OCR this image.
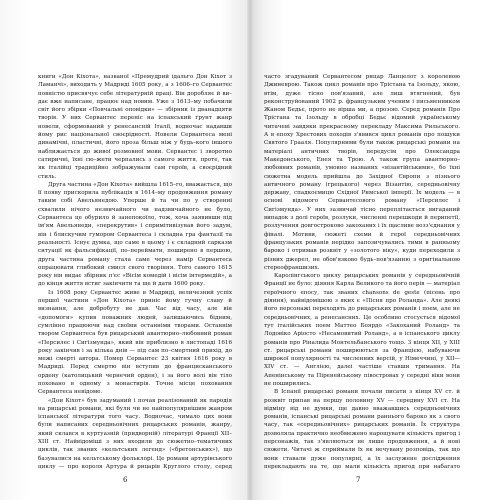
книги «Дон Кіхота», названої «Премудрий ідальго Дон Кіхот з Ламанчі», виходить у Мадриді 1605 року, а з 1606–го Сервантес повністю присвячує себе літературній праці. Він доробляє й ви–дає вже написане, працює над новим. Уже з 1613–му побачили світ його збірки «Повчальні оповідки» — збірник із дванадцяти творів. У них Сервантес переніс на іспанський ґрунт жанр новели, сформований у ренесансній Італії, водночас надавши йому рис національної своєрідності. Новели Сервантеса мені динамічні, пластичні, його проза більш ніж у будь–кого іншого наближається до живої розмовної мови. Сервантес і зворотно сатиричні, їхні сю–жети черпались з самого життя, проте, так як італійці традиційно зображували сам героїв, а своєрідний стиль.

Друга частина «Дон Кіхота» вийшла 1615–го, вважається, що її появу прискорила публікація в 1614–му продовження роману таким собі Авельянедою. Уперше й та чи по у створенні схвалили нічого незвичайного чи надзвичайного не було, Сервантеса це обурило й занепокоїло, тож, хоча заявивши під ім'ям Авельянеди, «перекрутив» і спримітивізував його задум, він і блискучим гумором Сервантеса і складна гра фантазії та реальності. Існує думка, що саме в цьому і є складний сарказм ситуації як фальсифікації, по–переймати, поширено в першою, друга частина роману стала саме через намір Сервантеса опрацювати глибокий смисл свого творіння. Того самого 1615 року він видає збірник п'єс «Вісім комедій і вісім інтермедій», а до кінця життя встиг закінчити та ще й дати 1600 року.

Із 1608 року Сервантес живе в Мадриді, величезний успіх першої частини «Дон Кіхота» приніс йому гучну славу й визнання, але добробуту не дав. Час від часу, але він «допомоги» купив поважних людей, залишаючись бідним, сумлінно працюючи над своїми останніми творами. Останнім твором Сервантеса був рицарський авантюрно–любовний роман «Персилес і Сигізмунда», який він приблизно в листопаді 1616 року закінчив і за кілька днів — під сам по–смертний прихід, до межі смерті автора. Помер Сервантес 23 квітня 1616 року в Мадриді. Перед смертю він вступив до францисканського ордену (католицький чернечий орден), і за його волі він тіло поховано в одному з монастирів. Точне місце поховання Сервантеса невідоме.

«Дон Кіхот» був задуманий і почав реалізований як пародія на рицарські романи, які були чи не найпопулярнішим жанром іспанської літератури того часу. Водночас, чимало цих вони були написаних середньовічних рицарських романів, жанру, який склався в куртуазній (придворній) літературі Франції XII–XIII ст. Найвідоміші з них входили до сюжетно–тематичних циклів, так званих «кельтських легенд» («бретонських»), що базувалися на кельтському фольклорі. Це романи артурівського циклу — про короля Артура й рицарів Круглого столу, серед

6

часто згадуваний Сервантесом рицар Ланцелот з королевою Джиневрою. Також цикл романів про Трістана та Ізольду, якою, втім, дуже тісно пов'язаний, але лиш втягнений, був реконструйований 1902 р. французьким ученим і письменником Жаном Бедьє, прото не вірша ми, а прозою. Серед романів Про Трістана та Ізольду в обробці Бедьє відомий українському читачеві завдяки прекрасному перекладу Максима Рильського. А в епоху Хрестових походів з'явився цикл романів про пошуки Святого Грааля. Популярними були також рицарські романи на матеріалі античних творів, передусім про Олександра Македонського, Енея та Трою. А також група авантюрно–любовних романів, умовно названих «візантійськими», бо їхні сюжетна модель прийшла до Західної Європи з пізнього античного роману (грецького) через Візантію, середньовічну державу, спадкоємицю Східної Римської імперії. Їх модель — в основі відомого Сервантесового роману «Персилес і Сигізмунда». У них зазвичай тісно переплітається вигаданий випадок з долі героїв, розлуки, численні перешкоди й перипетії, розлучення довгостроково закоханих і їх щасливе возз'єднання у фіналі. Мотиви, сюжеті схеми й герої середньовічних французьких романів нерідко запозичувались тими в ранньому бароко і отримав розквіт у «золотого віку», куди переходили з різних джерел, не обов'язково будь–пов'язанню з оригінальною стереофраншизих.

Каролінгського циклу рицарських романів у середньовічній Франції не було: діяння Карла Великого та його перів — матеріал героїчного епосу, так званих chansons de geste (пісень про діяння), найвідомішою з яких є «Пісня про Роланда». Але деякі його персонажі переходять до рицарських романів і поем, але не середньовічних, а ренесансних. Це особливо стосується відомої тут італійських поем Маттео Боярдо «Закоханий Роланд» та Лодовіко Аріосто «Несамовитий Роланд», а в іспанського циклу романів про Ріналида Монтельбанського тощо. З кінця XII, у XIII ст. рицарські романи поширюються за Францією, набуваючи широкої популярності та численних версій, у Німеччині, у XII—XIV ст. — Англією, далеі частіше ставши тримання. На Апенінському та Піренейському півостровах у середні віки вони не поширились.

В Іспанії рицарські романи почали писати з кінця XV ст. й розквіт припав на першу половину XV — середину XVI ст. На відміну від не думки, ще давно вважавшись середньовічних романів, іспанські рицарські романи раннього бароко як з свого часу, так «середньовічних» рицарських романів. Їх структура дозволяла практично необмежено нарощувати кількість пригод і персонажів, так з'являються не лише продовження, а й нові сюжети. Читачі ж сприймали їх як нечувану розповідь, так що вони ставали дуже популярні, а їх заслужене дослідження перекладають на те, що мали кількість пригод при набагато

7
